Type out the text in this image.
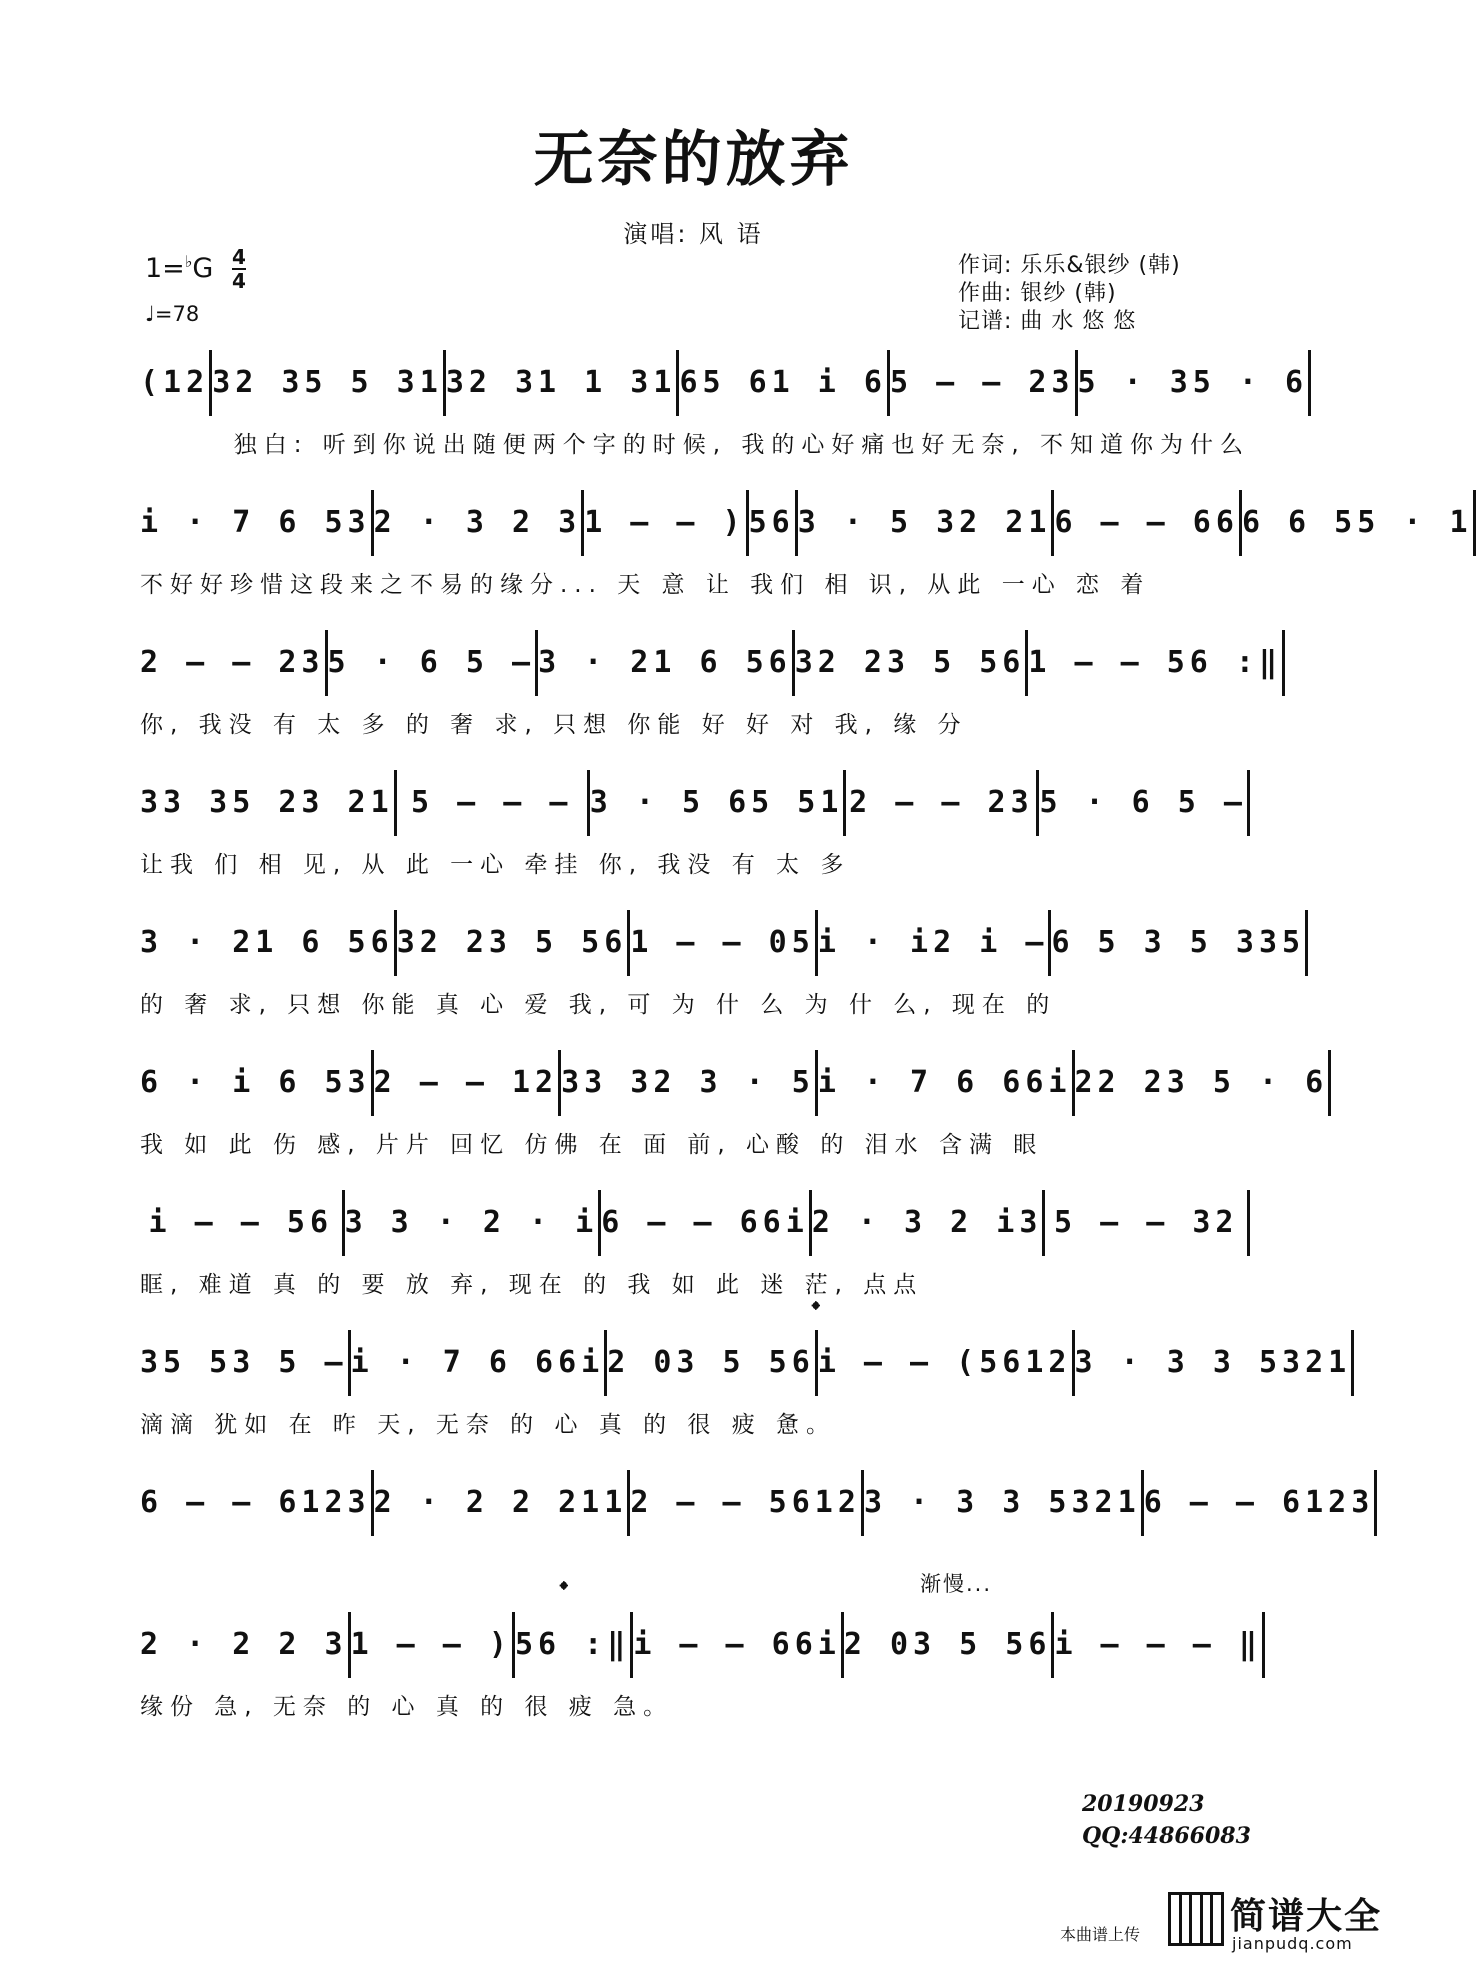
无奈的放弃
演唱: 风 语
1=♭G 4
4
♩=78
作词: 乐乐&银纱 (韩)
作曲: 银纱 (韩)
记谱: 曲 水 悠 悠
(12 32 35 5 31 32 31 1 31 65 61 i 6 5 – – 23 5 · 35 · 6
独白: 听到你说出随便两个字的时候, 我的心好痛也好无奈, 不知道你为什么
i · 7 6 53 2 · 3 2 3 1 – – ) 56 3 · 5 32 21 6 – – 66 6 6 55 · 1
不好好珍惜这段来之不易的缘分... 天 意 让 我们 相 识, 从此 一心 恋 着
2 – – 23 5 · 6 5 – 3 · 21 6 56 32 23 5 56 1 – – 56 :‖
你, 我没 有 太 多 的 奢 求, 只想 你能 好 好 对 我, 缘 分
33 35 23 21 5 – – – 3 · 5 65 51 2 – – 23 5 · 6 5 –
让我 们 相 见, 从 此 一心 牵挂 你, 我没 有 太 多
3 · 21 6 56 32 23 5 56 1 – – 05 i · i2 i – 6 5 3 5 335
的 奢 求, 只想 你能 真 心 爱 我, 可 为 什 么 为 什 么, 现在 的
6 · i 6 53 2 – – 12 33 32 3 · 5 i · 7 6 66i 22 23 5 · 6
我 如 此 伤 感, 片片 回忆 仿佛 在 面 前, 心酸 的 泪水 含满 眼
i – – 56 3 3 · 2 · i 6 – – 66i 2 · 3 2 i3 5 – – 32
眶, 难道 真 的 要 放 弃, 现在 的 我 如 此 迷 茫, 点点
35 53 5 – i · 7 6 66i 2 03 5 56 i – – (5612 3 · 3 3 5321
滴滴 犹如 在 昨 天, 无奈 的 心 真 的 很 疲 惫。
6 – – 6123 2 · 2 2 211 2 – – 5612 3 · 3 3 5321 6 – – 6123
2 · 2 2 3 1 – – ) 56 :‖ i – – 66i 2 03 5 56 i – – – ‖
缘份 急, 无奈 的 心 真 的 很 疲 急。
𝄌
𝄌	渐慢...
20190923
QQ:44866083
本曲谱上传 简谱大全
jianpudq.com
